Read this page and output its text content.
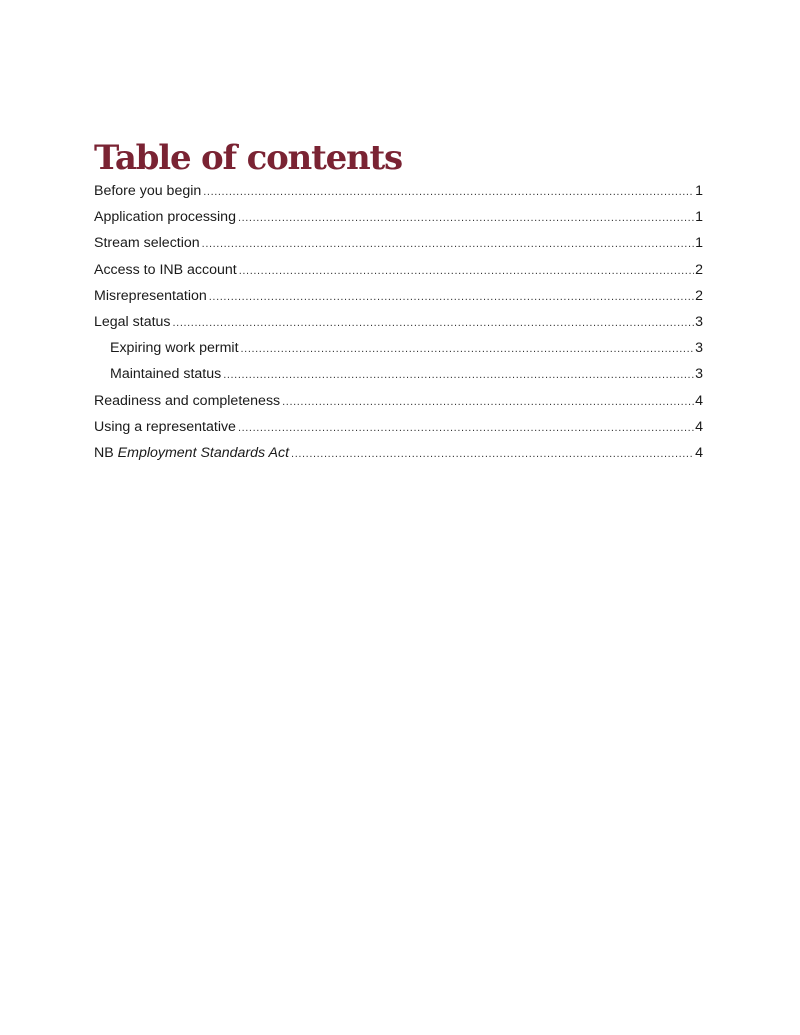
Table of contents
Before you begin .....	1
Application processing .....	1
Stream selection .....	1
Access to INB account .....	2
Misrepresentation .....	2
Legal status .....	3
Expiring work permit .....	3
Maintained status .....	3
Readiness and completeness .....	4
Using a representative .....	4
NB Employment Standards Act .....	4
